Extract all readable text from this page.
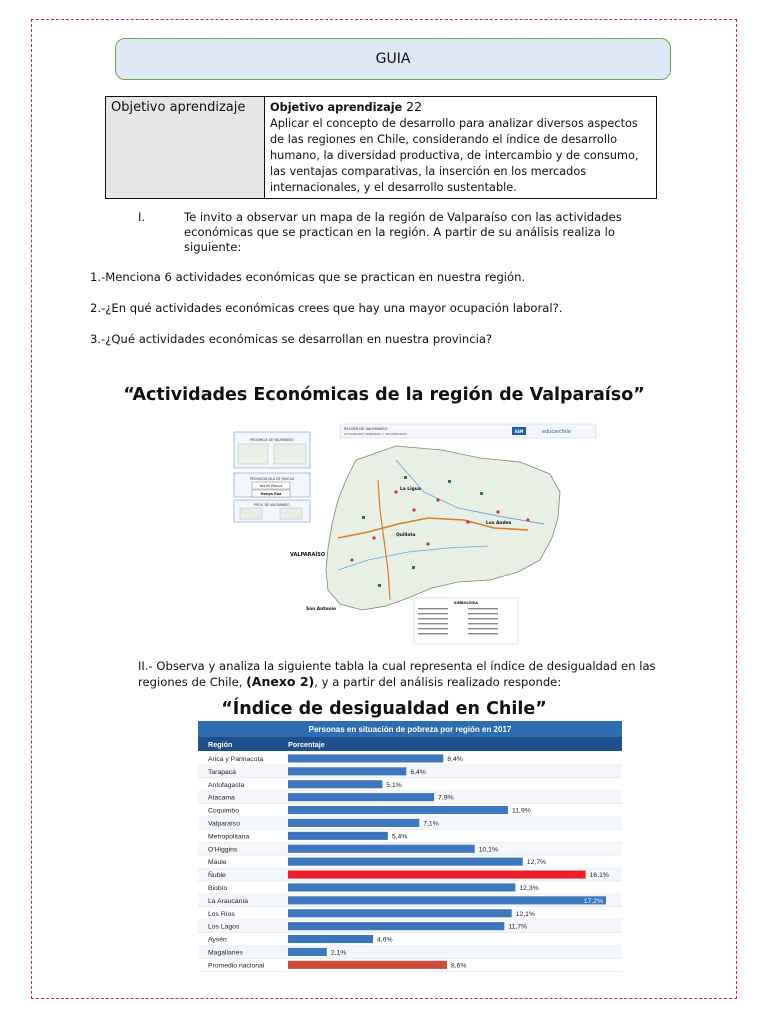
GUIA
Objetivo aprendizaje	Objetivo aprendizaje 22
Aplicar el concepto de desarrollo para analizar diversos aspectos de las regiones en Chile, considerando el índice de desarrollo humano, la diversidad productiva, de intercambio y de consumo, las ventajas comparativas, la inserción en los mercados internacionales, y el desarrollo sustentable.
I.	Te invito a observar un mapa de la región de Valparaíso con las actividades económicas que se practican en la región. A partir de su análisis realiza lo siguiente:
1.-Menciona 6 actividades económicas que se practican en nuestra región.
2.-¿En qué actividades económicas crees que hay una mayor ocupación laboral?.
3.-¿Qué actividades económicas se desarrollan en nuestra provincia?
“Actividades Económicas de la región de Valparaíso”
PROVINCIA DE VALPARAÍSO
PROVINCIA ISLA DE PASCUA
Isla de Pascua
Hanga Roa
PROV. DE VALPARAÍSO
REGIÓN DE VALPARAÍSO
ACTIVIDADES PRIMARIAS Y SECUNDARIAS	IGM	educarchile
La Ligua
Los Andes
Quillota
VALPARAÍSO
San Antonio
SIMBOLOGÍA
II.- Observa y analiza la siguiente tabla la cual representa el índice de desigualdad en las regiones de Chile, (Anexo 2), y a partir del análisis realizado responde:
“Índice de desigualdad en Chile”
Personas en situación de pobreza por región en 2017
Región	Porcentaje
Arica y Parinacota	8,4%
Tarapacá	6,4%
Antofagasta	5,1%
Atacama	7,9%
Coquimbo	11,9%
Valparaíso	7,1%
Metropolitana	5,4%
O'Higgins	10,1%
Maule	12,7%
Ñuble	16,1%
Biobío	12,3%
La Araucanía	17,2%
Los Ríos	12,1%
Los Lagos	11,7%
Aysén	4,6%
Magallanes	2,1%
Promedio nacional	8,6%
